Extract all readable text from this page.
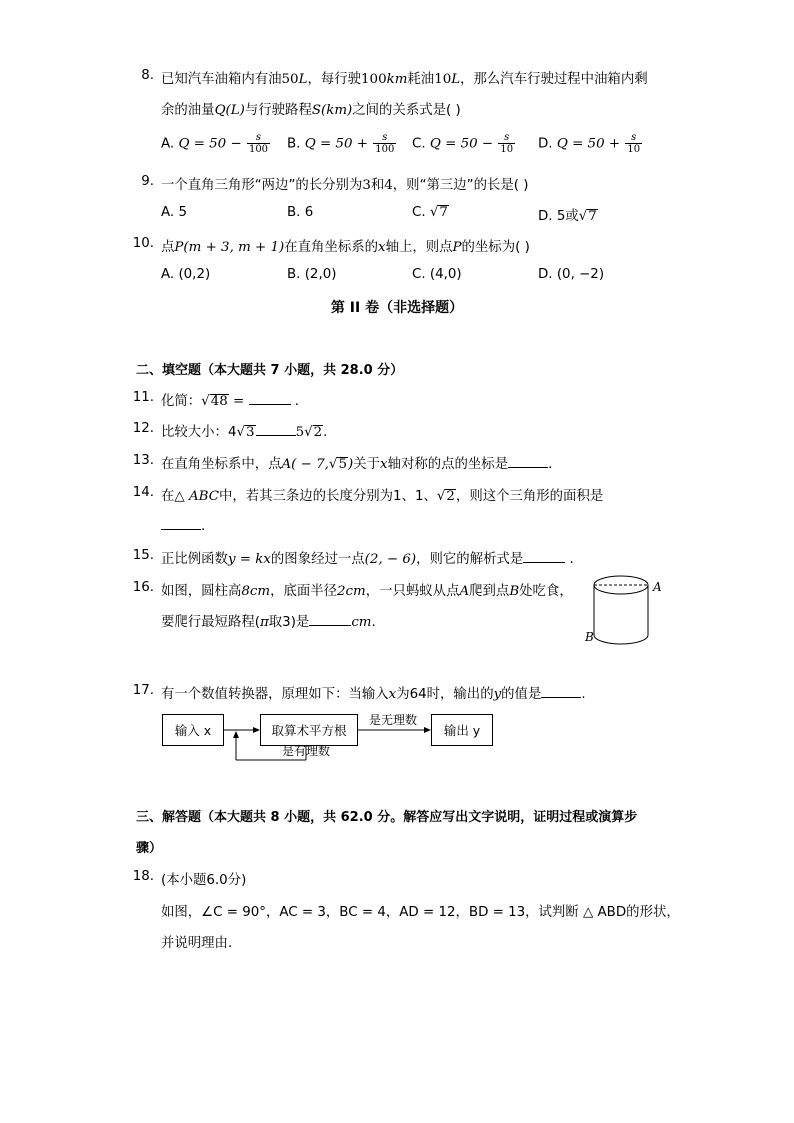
8. 已知汽车油箱内有油50L，每行驶100km耗油10L，那么汽车行驶过程中油箱内剩
余的油量Q(L)与行驶路程S(km)之间的关系式是( )
A. $Q = 50 - \frac{s}{100} B$. $Q = 50 + \frac{s}{100} C$. $Q = 50 - \frac{s}{10} D$. $Q = 50 + \frac{s}{10}$
9. 一个直角三角形“两边”的长分别为3和4，则“第三边”的长是( )
A. 5	B. 6	C. √7	D. 5或√7
10. 点P(m + 3, m + 1)在直角坐标系的x轴上，则点P的坐标为( )
A. (0,2)	B. (2,0)	C. (4,0)	D. (0, −2)
第 II 卷（非选择题）
二、填空题（本大题共 7 小题，共 28.0 分）
11. 化简：√48 =	.
12. 比较大小：4√3	5√2.
13. 在直角坐标系中，点A( − 7,√5)关于x轴对称的点的坐标是	.
14. 在△ ABC中，若其三条边的长度分别为1、1、√2，则这个三角形的面积是
.
15. 正比例函数y = kx的图象经过一点(2, − 6)，则它的解析式是	.
16. 如图，圆柱高8cm，底面半径2cm，一只蚂蚁从点A爬到点B处吃食，
要爬行最短路程(π取3)是	cm.
A
B
17. 有一个数值转换器，原理如下：当输入x为64时，输出的y的值是	.
输入 x	取算术平方根	输出 y
是无理数
是有理数
三、解答题（本大题共 8 小题，共 62.0 分。解答应写出文字说明，证明过程或演算步
骤）
18. (本小题6.0分)
如图，∠C = 90°，AC = 3，BC = 4，AD = 12，BD = 13，试判断 △ ABD的形状，
并说明理由.
